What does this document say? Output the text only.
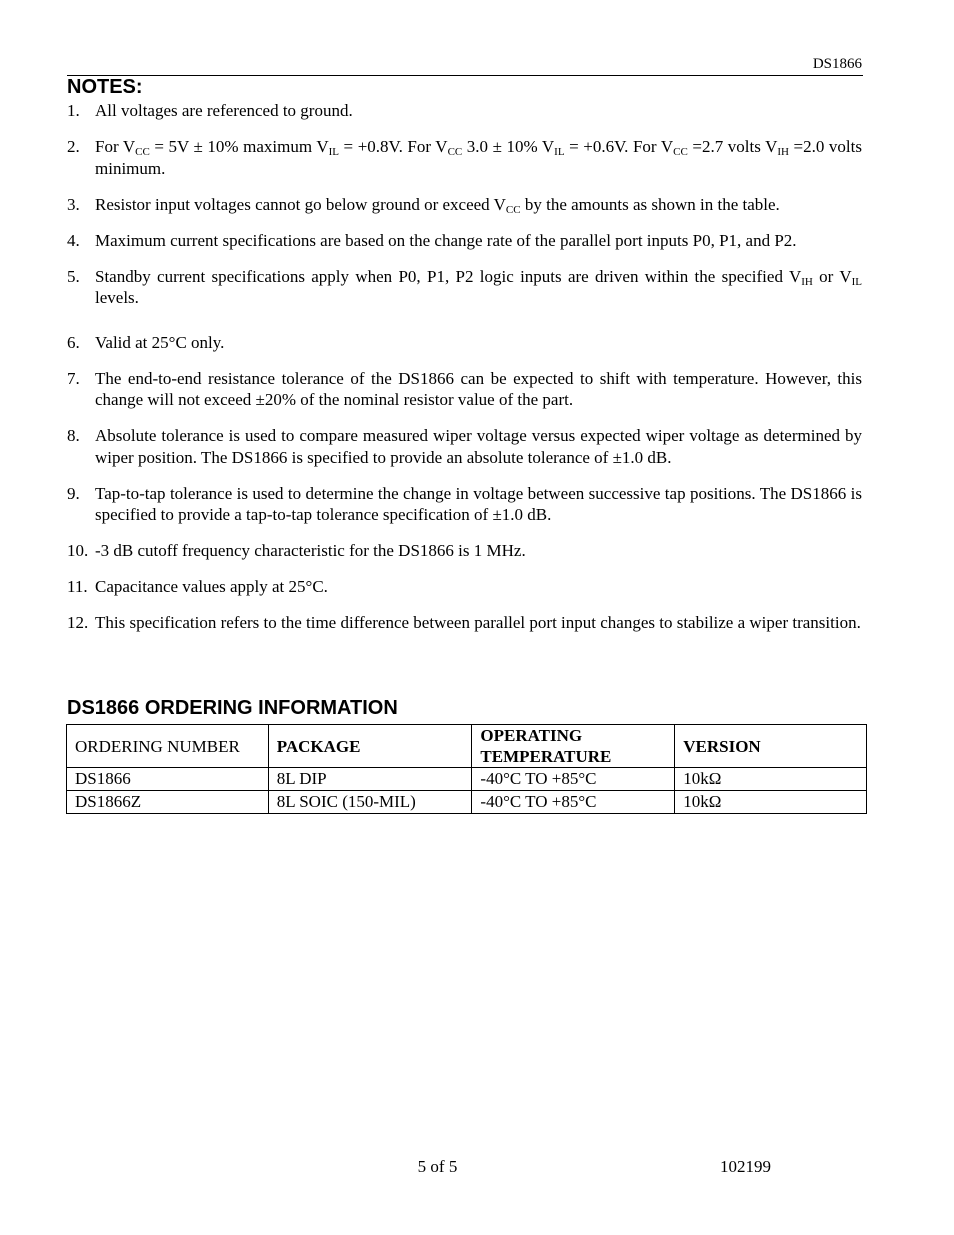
DS1866
NOTES:
1. All voltages are referenced to ground.
2. For $V_{CC} = 5V \pm 10\%$ maximum $V_{IL} = +0.8V$. For $V_{CC}$ 3.0 ± 10% $V_{IL} = +0.6V$. For $V_{CC} =2.7$ volts $V_{IH} =2.0$ volts minimum.
3. Resistor input voltages cannot go below ground or exceed $V_{CC}$ by the amounts as shown in the table.
4. Maximum current specifications are based on the change rate of the parallel port inputs P0, P1, and P2.
5. Standby current specifications apply when P0, P1, P2 logic inputs are driven within the specified $V_{IH}$ or $V_{IL}$ levels.
6. Valid at 25°C only.
7. The end-to-end resistance tolerance of the DS1866 can be expected to shift with temperature. However, this change will not exceed ±20% of the nominal resistor value of the part.
8. Absolute tolerance is used to compare measured wiper voltage versus expected wiper voltage as determined by wiper position. The DS1866 is specified to provide an absolute tolerance of ±1.0 dB.
9. Tap-to-tap tolerance is used to determine the change in voltage between successive tap positions. The DS1866 is specified to provide a tap-to-tap tolerance specification of ±1.0 dB.
10. -3 dB cutoff frequency characteristic for the DS1866 is 1 MHz.
11. Capacitance values apply at 25°C.
12. This specification refers to the time difference between parallel port input changes to stabilize a wiper transition.
DS1866 ORDERING INFORMATION
ORDERING NUMBER	PACKAGE	OPERATING TEMPERATURE	VERSION
DS1866	8L DIP	-40°C TO +85°C	10kΩ
DS1866Z	8L SOIC (150-MIL)	-40°C TO +85°C	10kΩ
5 of 5	102199
